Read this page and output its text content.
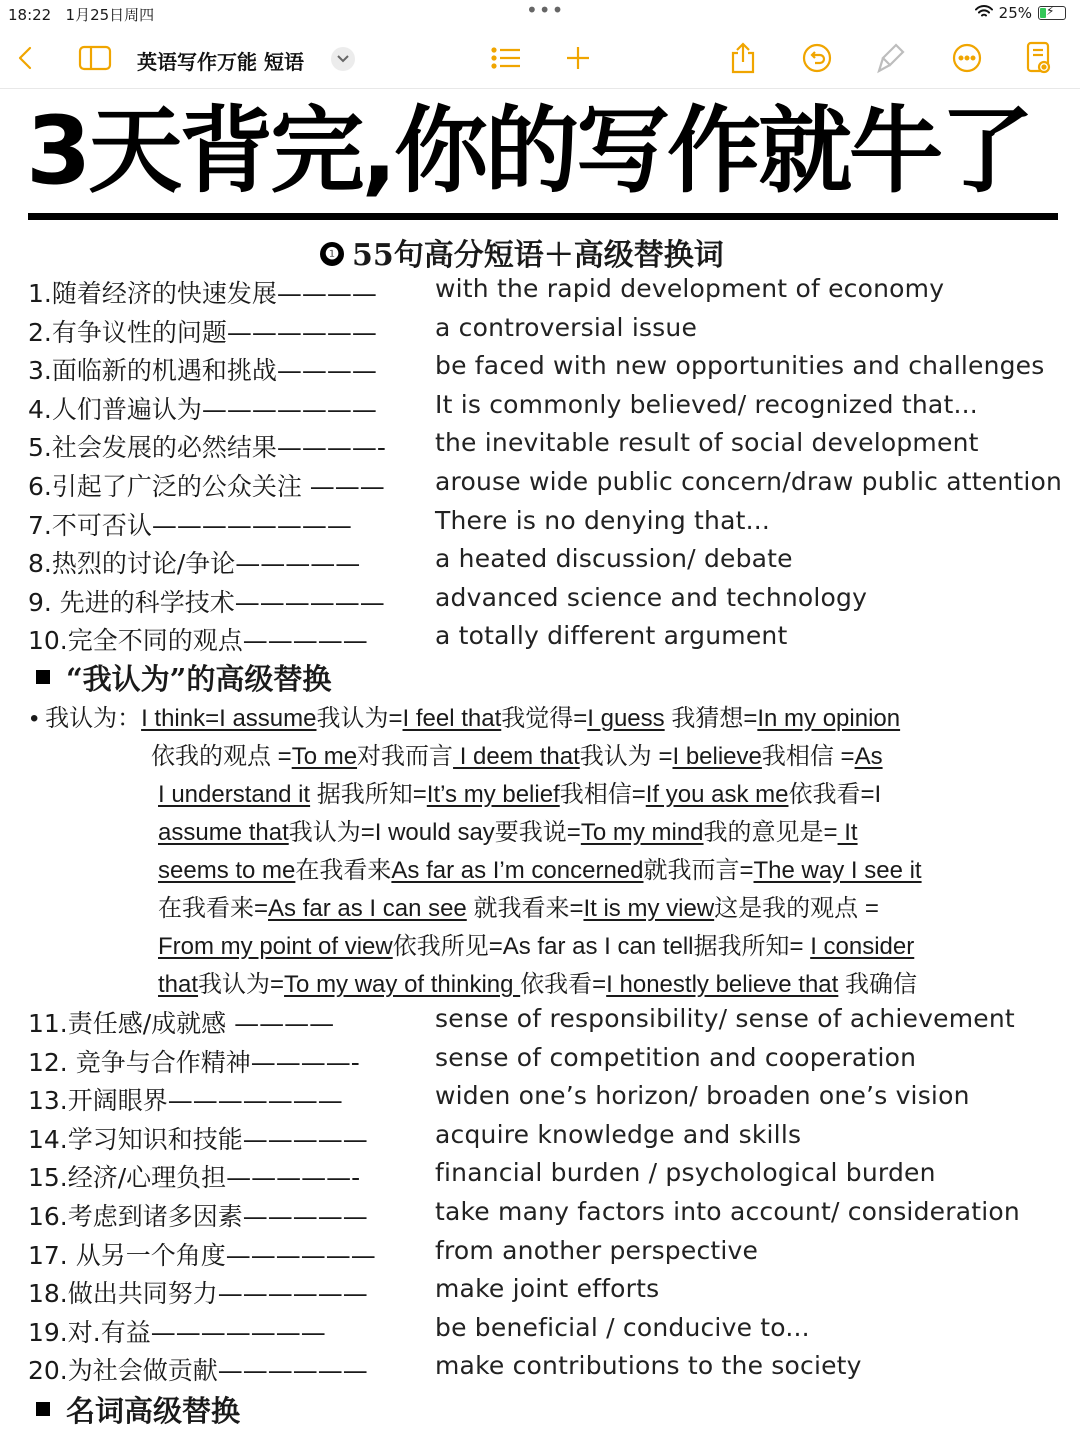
18:22 1月25日周四	•••	25% ⚡
英语写作万能 短语
3天背完,你的写作就牛了
❶ 55句高分短语＋高级替换词
1.随着经济的快速发展———— with the rapid development of economy
2.有争议性的问题—————— a controversial issue
3.面临新的机遇和挑战———— be faced with new opportunities and challenges
4.人们普遍认为——————— It is commonly believed/ recognized that...
5.社会发展的必然结果————- the inevitable result of social development
6.引起了广泛的公众关注 ——— arouse wide public concern/draw public attention
7.不可否认————————	There is no denying that...
8.热烈的讨论/争论—————	a heated discussion/ debate
9. 先进的科学技术—————— advanced science and technology
10.完全不同的观点—————	a totally different argument
“我认为”的高级替换
• 我认为：I think=I assume我认为=I feel that我觉得=I guess 我猜想=In my opinion
依我的观点 =To me对我而言 I deem that我认为 =I believe我相信 =As
I understand it 据我所知=It’s my belief我相信=If you ask me依我看=I
assume that我认为=I would say要我说=To my mind我的意见是= It
seems to me在我看来As far as I’m concerned就我而言=The way I see it
在我看来=As far as I can see 就我看来=It is my view这是我的观点 =
From my point of view依我所见=As far as I can tell据我所知= I consider
that我认为=To my way of thinking 依我看=I honestly believe that 我确信
11.责任感/成就感 ————	sense of responsibility/ sense of achievement
12. 竞争与合作精神————-	sense of competition and cooperation
13.开阔眼界———————	widen one’s horizon/ broaden one’s vision
14.学习知识和技能—————	acquire knowledge and skills
15.经济/心理负担—————-	financial burden / psychological burden
16.考虑到诸多因素—————	take many factors into account/ consideration
17. 从另一个角度—————— from another perspective
18.做出共同努力——————	make joint efforts
19.对.有益———————	be beneficial / conducive to...
20.为社会做贡献——————	make contributions to the society
名词高级替换
